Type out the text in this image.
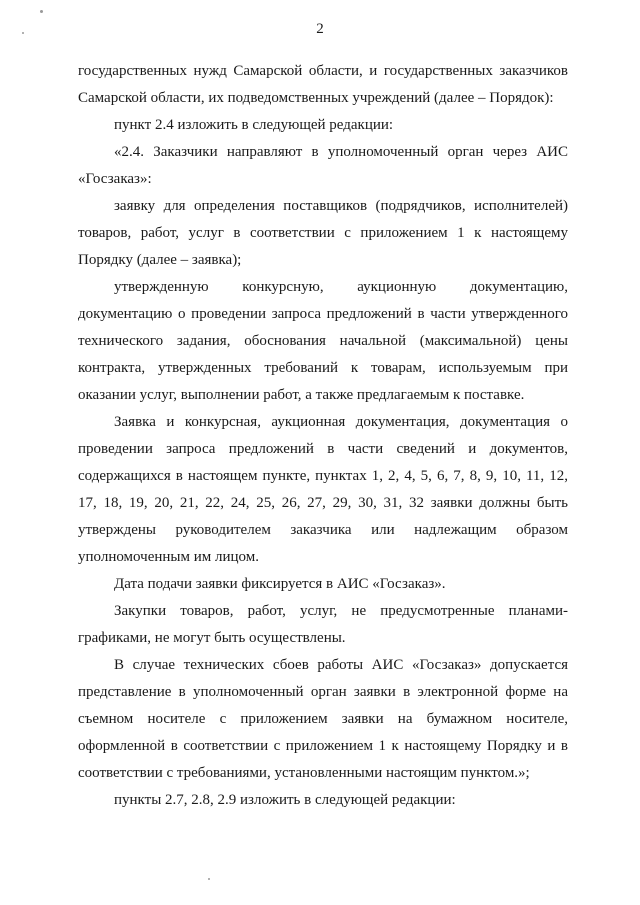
2

государственных нужд Самарской области, и государственных заказчиков Самарской области, их подведомственных учреждений (далее – Порядок):

пункт 2.4 изложить в следующей редакции:

«2.4. Заказчики направляют в уполномоченный орган через АИС «Госзаказ»:

заявку для определения поставщиков (подрядчиков, исполнителей) товаров, работ, услуг в соответствии с приложением 1 к настоящему Порядку (далее – заявка);

утвержденную конкурсную, аукционную документацию, документацию о проведении запроса предложений в части утвержденного технического задания, обоснования начальной (максимальной) цены контракта, утвержденных требований к товарам, используемым при оказании услуг, выполнении работ, а также предлагаемым к поставке.

Заявка и конкурсная, аукционная документация, документация о проведении запроса предложений в части сведений и документов, содержащихся в настоящем пункте, пунктах 1, 2, 4, 5, 6, 7, 8, 9, 10, 11, 12, 17, 18, 19, 20, 21, 22, 24, 25, 26, 27, 29, 30, 31, 32 заявки должны быть утверждены руководителем заказчика или надлежащим образом уполномоченным им лицом.

Дата подачи заявки фиксируется в АИС «Госзаказ».

Закупки товаров, работ, услуг, не предусмотренные планами-графиками, не могут быть осуществлены.

В случае технических сбоев работы АИС «Госзаказ» допускается представление в уполномоченный орган заявки в электронной форме на съемном носителе с приложением заявки на бумажном носителе, оформленной в соответствии с приложением 1 к настоящему Порядку и в соответствии с требованиями, установленными настоящим пунктом.»;

пункты 2.7, 2.8, 2.9 изложить в следующей редакции:
